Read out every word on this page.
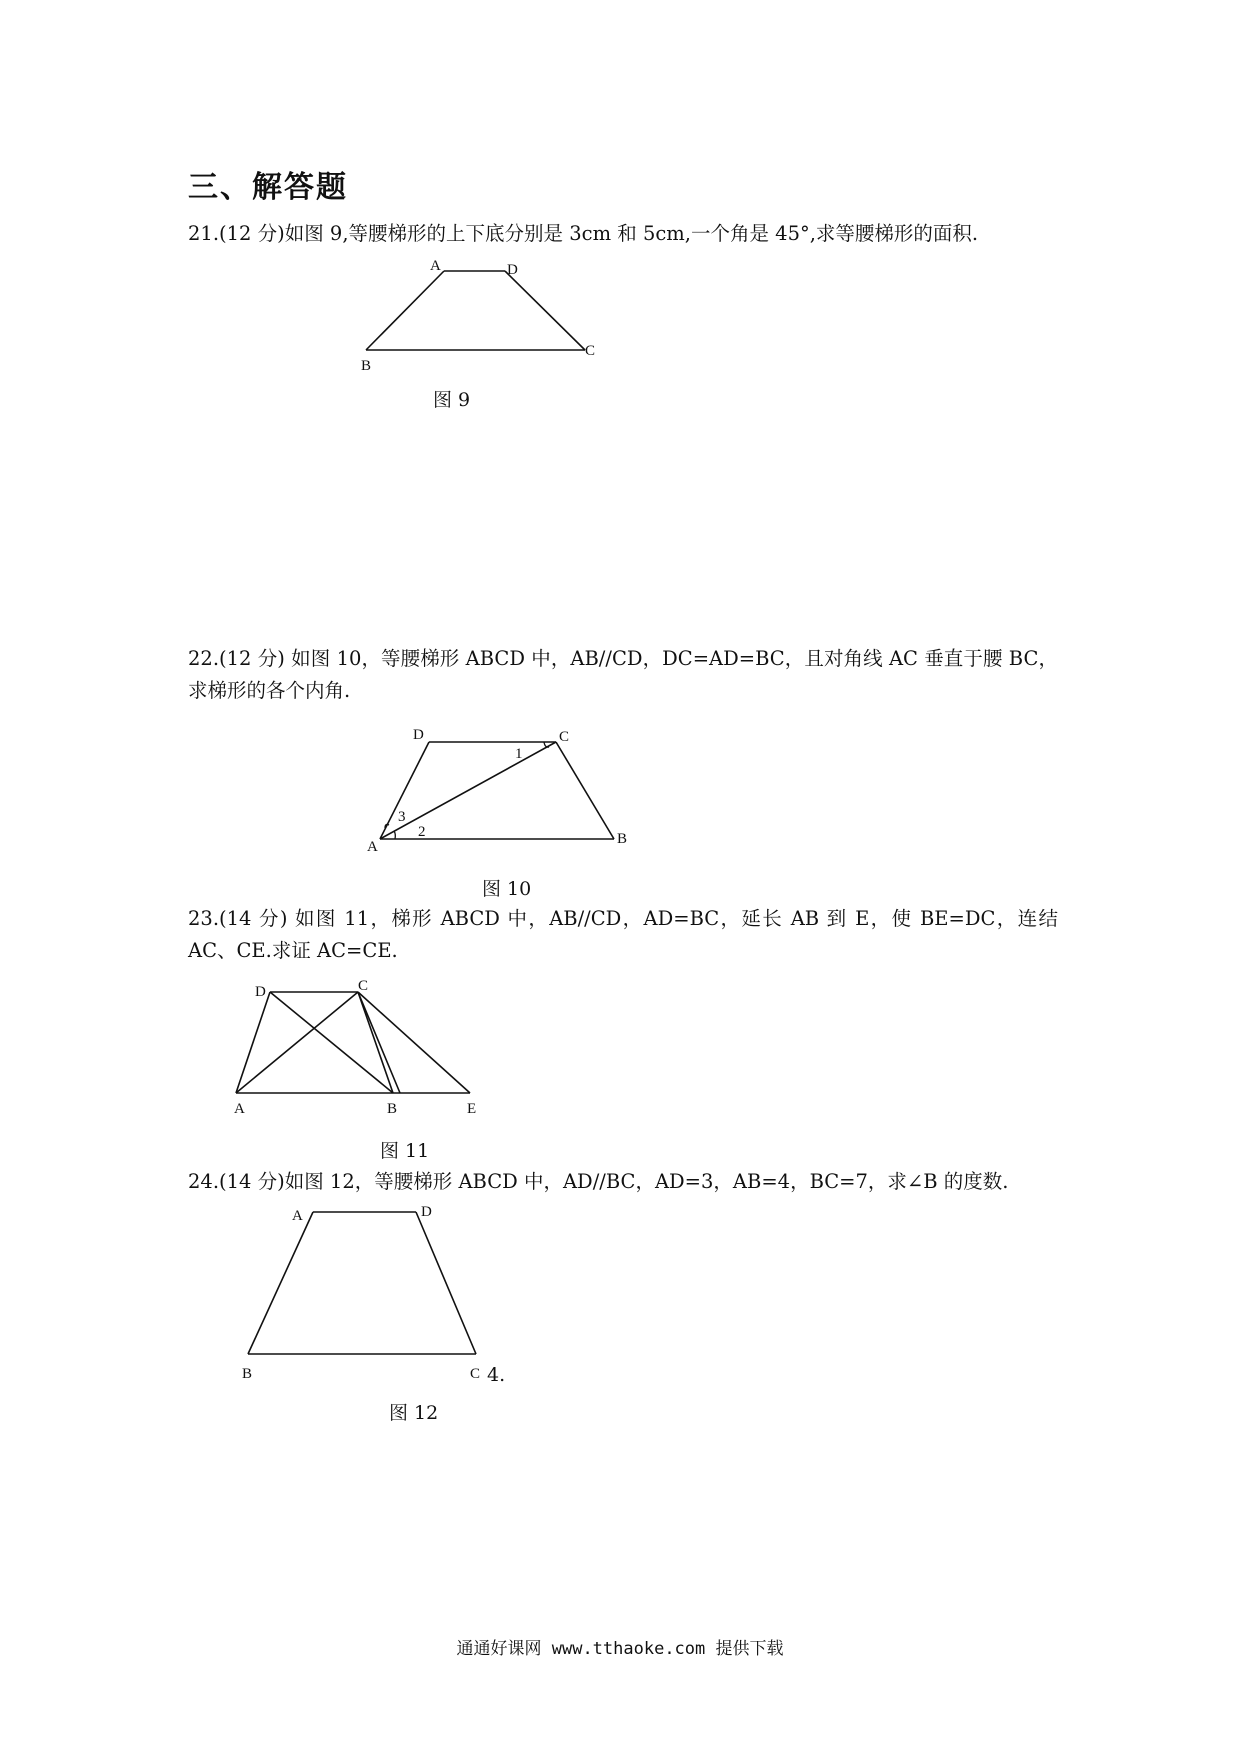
三、解答题
21.(12 分)如图 9,等腰梯形的上下底分别是 3cm 和 5cm,一个角是 45°,求等腰梯形的面积.
A	D
B
C
图 9
22.(12 分) 如图 10，等腰梯形 ABCD 中，AB//CD，DC=AD=BC，且对角线 AC 垂直于腰 BC，求梯形的各个内角.
D	C
A	B
1
2
3
图 10
23.(14 分) 如图 11，梯形 ABCD 中，AB//CD，AD=BC，延长 AB 到 E，使 BE=DC，连结 AC、CE.求证 AC=CE.
D	C
A	B	E
图 11
24.(14 分)如图 12，等腰梯形 ABCD 中，AD//BC，AD=3，AB=4，BC=7，求∠B 的度数.
A	D
B	C 4.
图 12
通通好课网 www.tthaoke.com 提供下载
